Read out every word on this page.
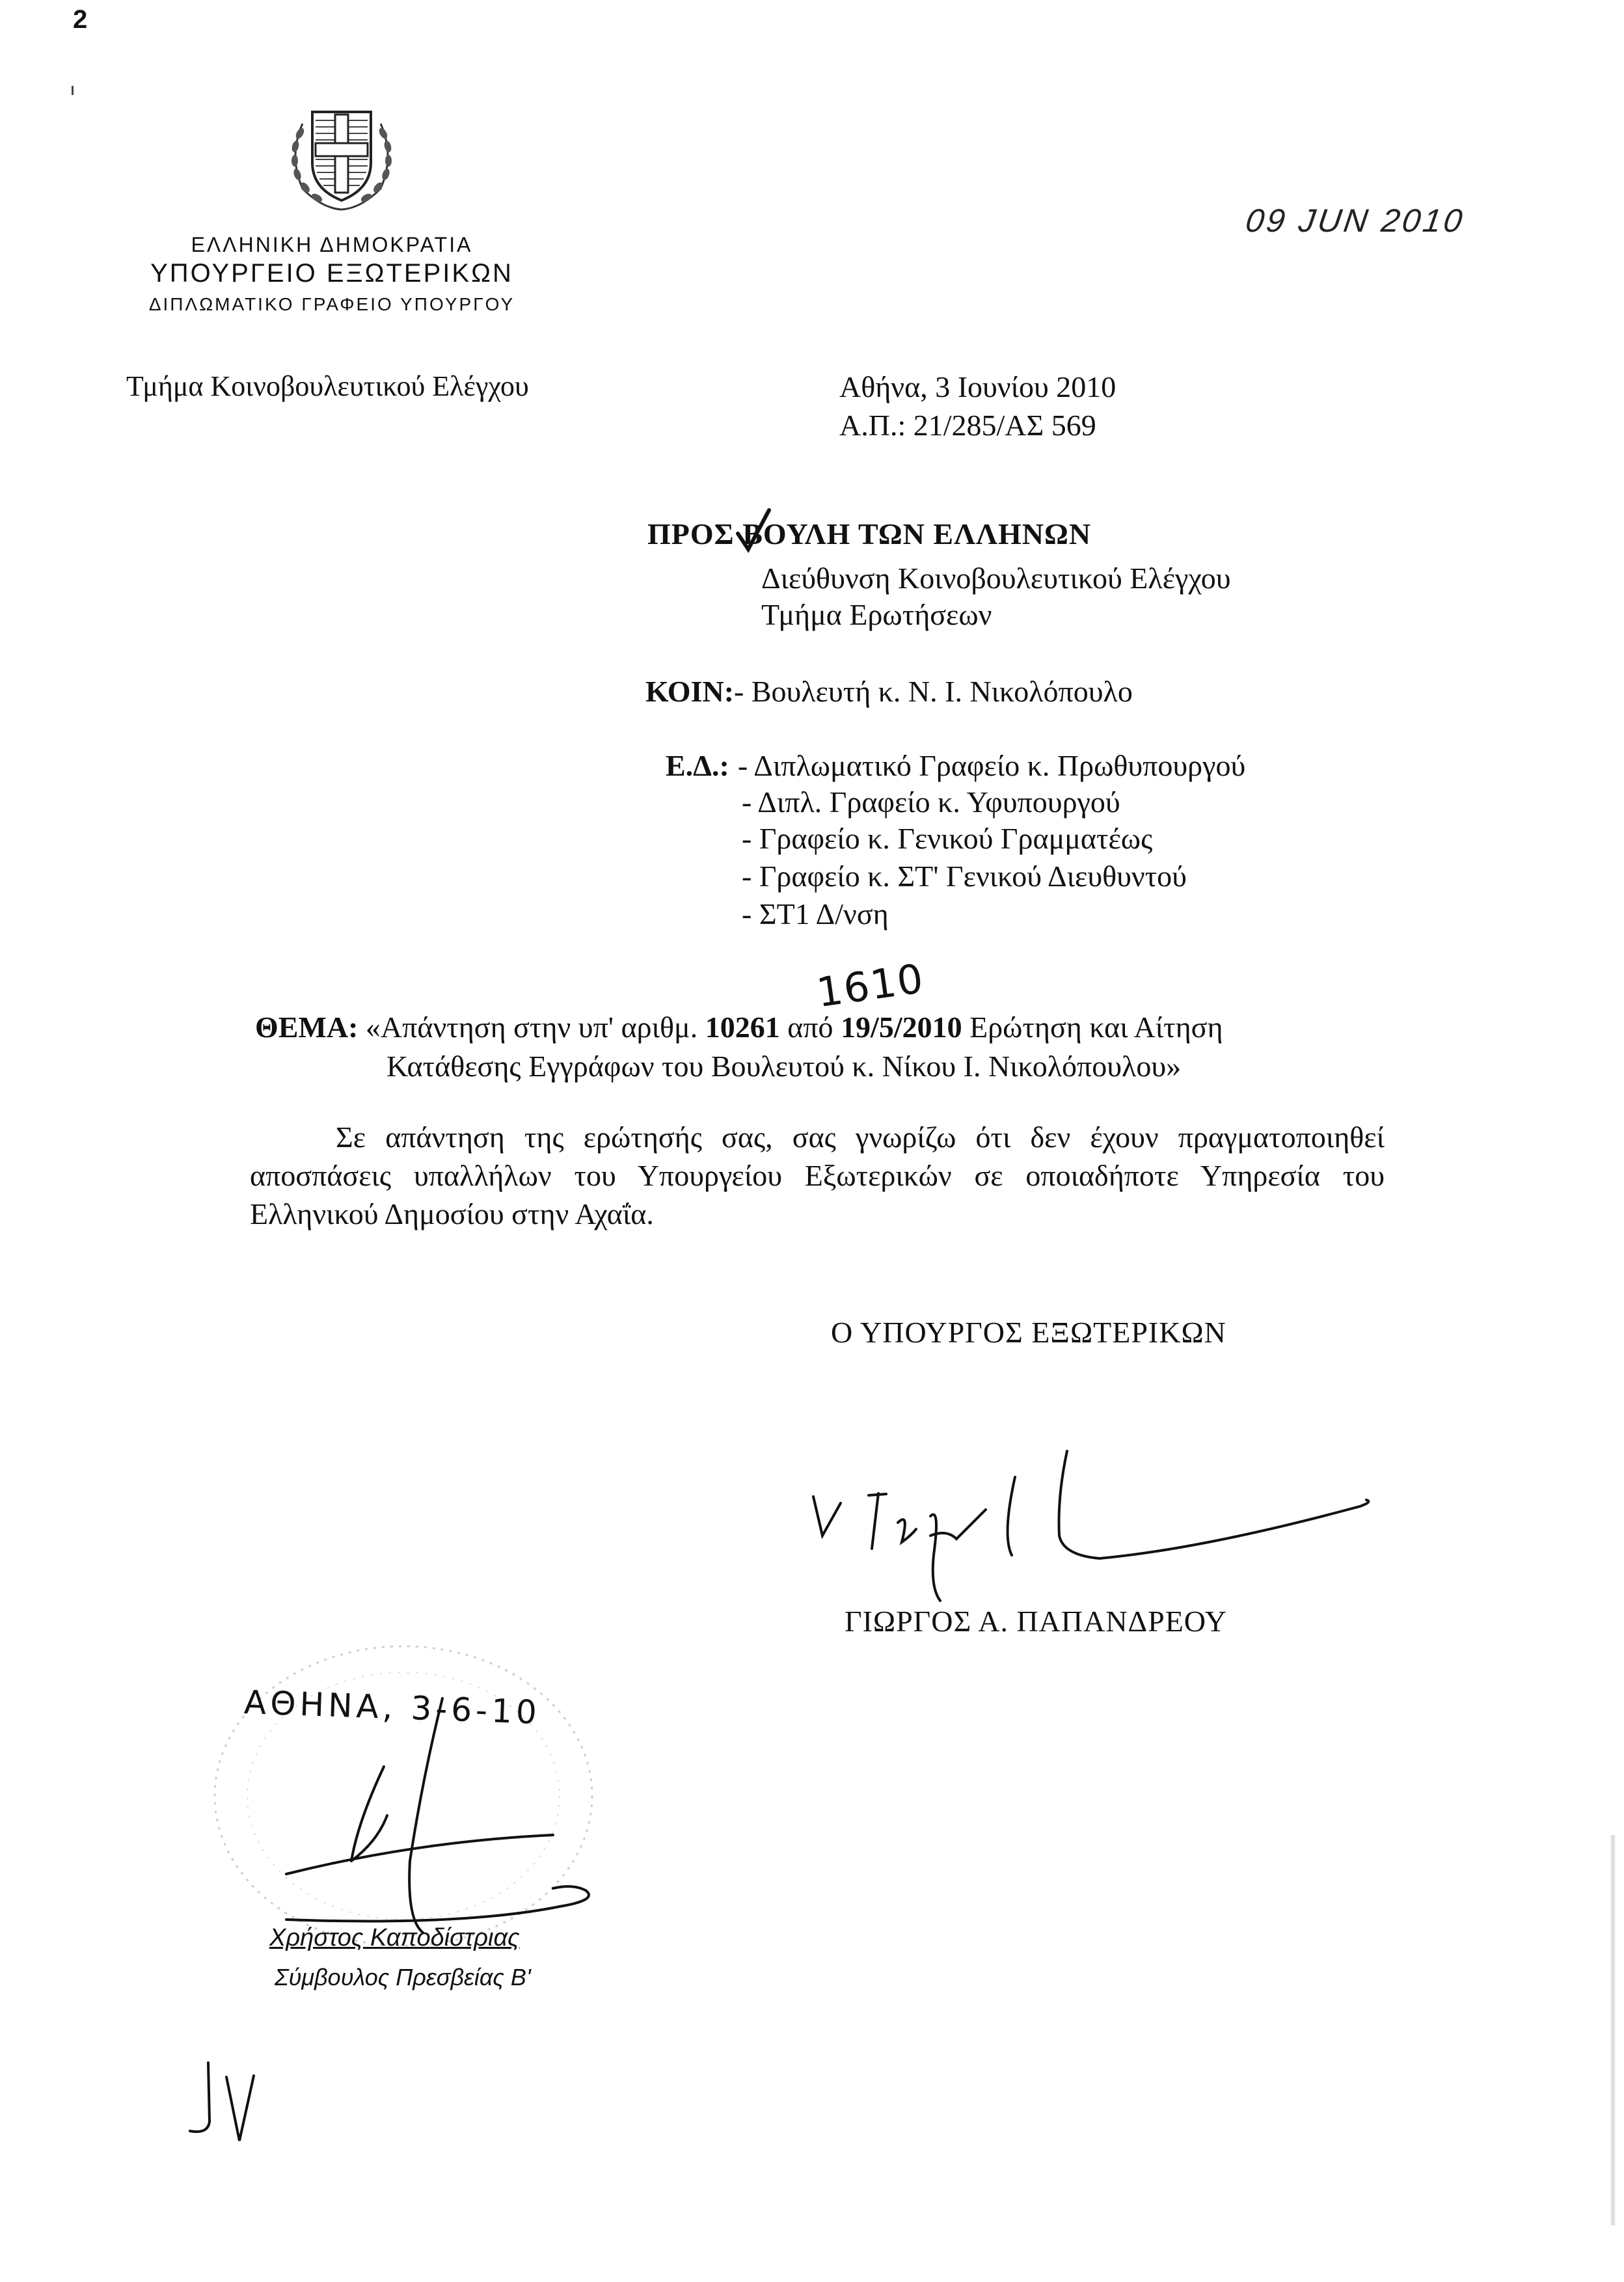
2
ΕΛΛΗΝΙΚΗ ΔΗΜΟΚΡΑΤΙΑ
ΥΠΟΥΡΓΕΙΟ ΕΞΩΤΕΡΙΚΩΝ
ΔΙΠΛΩΜΑΤΙΚΟ ΓΡΑΦΕΙΟ ΥΠΟΥΡΓΟΥ
09 JUN 2010
Τμήμα Κοινοβουλευτικού Ελέγχου	Αθήνα, 3 Ιουνίου 2010
Α.Π.: 21/285/ΑΣ 569
ΠΡΟΣ ΒΟΥΛΗ ΤΩΝ ΕΛΛΗΝΩΝ
Διεύθυνση Κοινοβουλευτικού Ελέγχου
Τμήμα Ερωτήσεων
ΚΟΙΝ:- Βουλευτή κ. Ν. Ι. Νικολόπουλο
Ε.Δ.: - Διπλωματικό Γραφείο κ. Πρωθυπουργού
- Διπλ. Γραφείο κ. Υφυπουργού
- Γραφείο κ. Γενικού Γραμματέως
- Γραφείο κ. ΣΤ' Γενικού Διευθυντού
- ΣΤ1 Δ/νση
1610
ΘΕΜΑ: «Απάντηση στην υπ' αριθμ. 10261 από 19/5/2010 Ερώτηση και Αίτηση
Κατάθεσης Εγγράφων του Βουλευτού κ. Νίκου Ι. Νικολόπουλου»
Σε απάντηση της ερώτησής σας, σας γνωρίζω ότι δεν έχουν πραγματοποιηθεί αποσπάσεις υπαλλήλων του Υπουργείου Εξωτερικών σε οποιαδήποτε Υπηρεσία του Ελληνικού Δημοσίου στην Αχαΐα.
Ο ΥΠΟΥΡΓΟΣ ΕΞΩΤΕΡΙΚΩΝ
ΓΙΩΡΓΟΣ Α. ΠΑΠΑΝΔΡΕΟΥ
ΑΘΗΝΑ, 3-6-10
Χρήστος Καποδίστριας
Σύμβουλος Πρεσβείας Β'
